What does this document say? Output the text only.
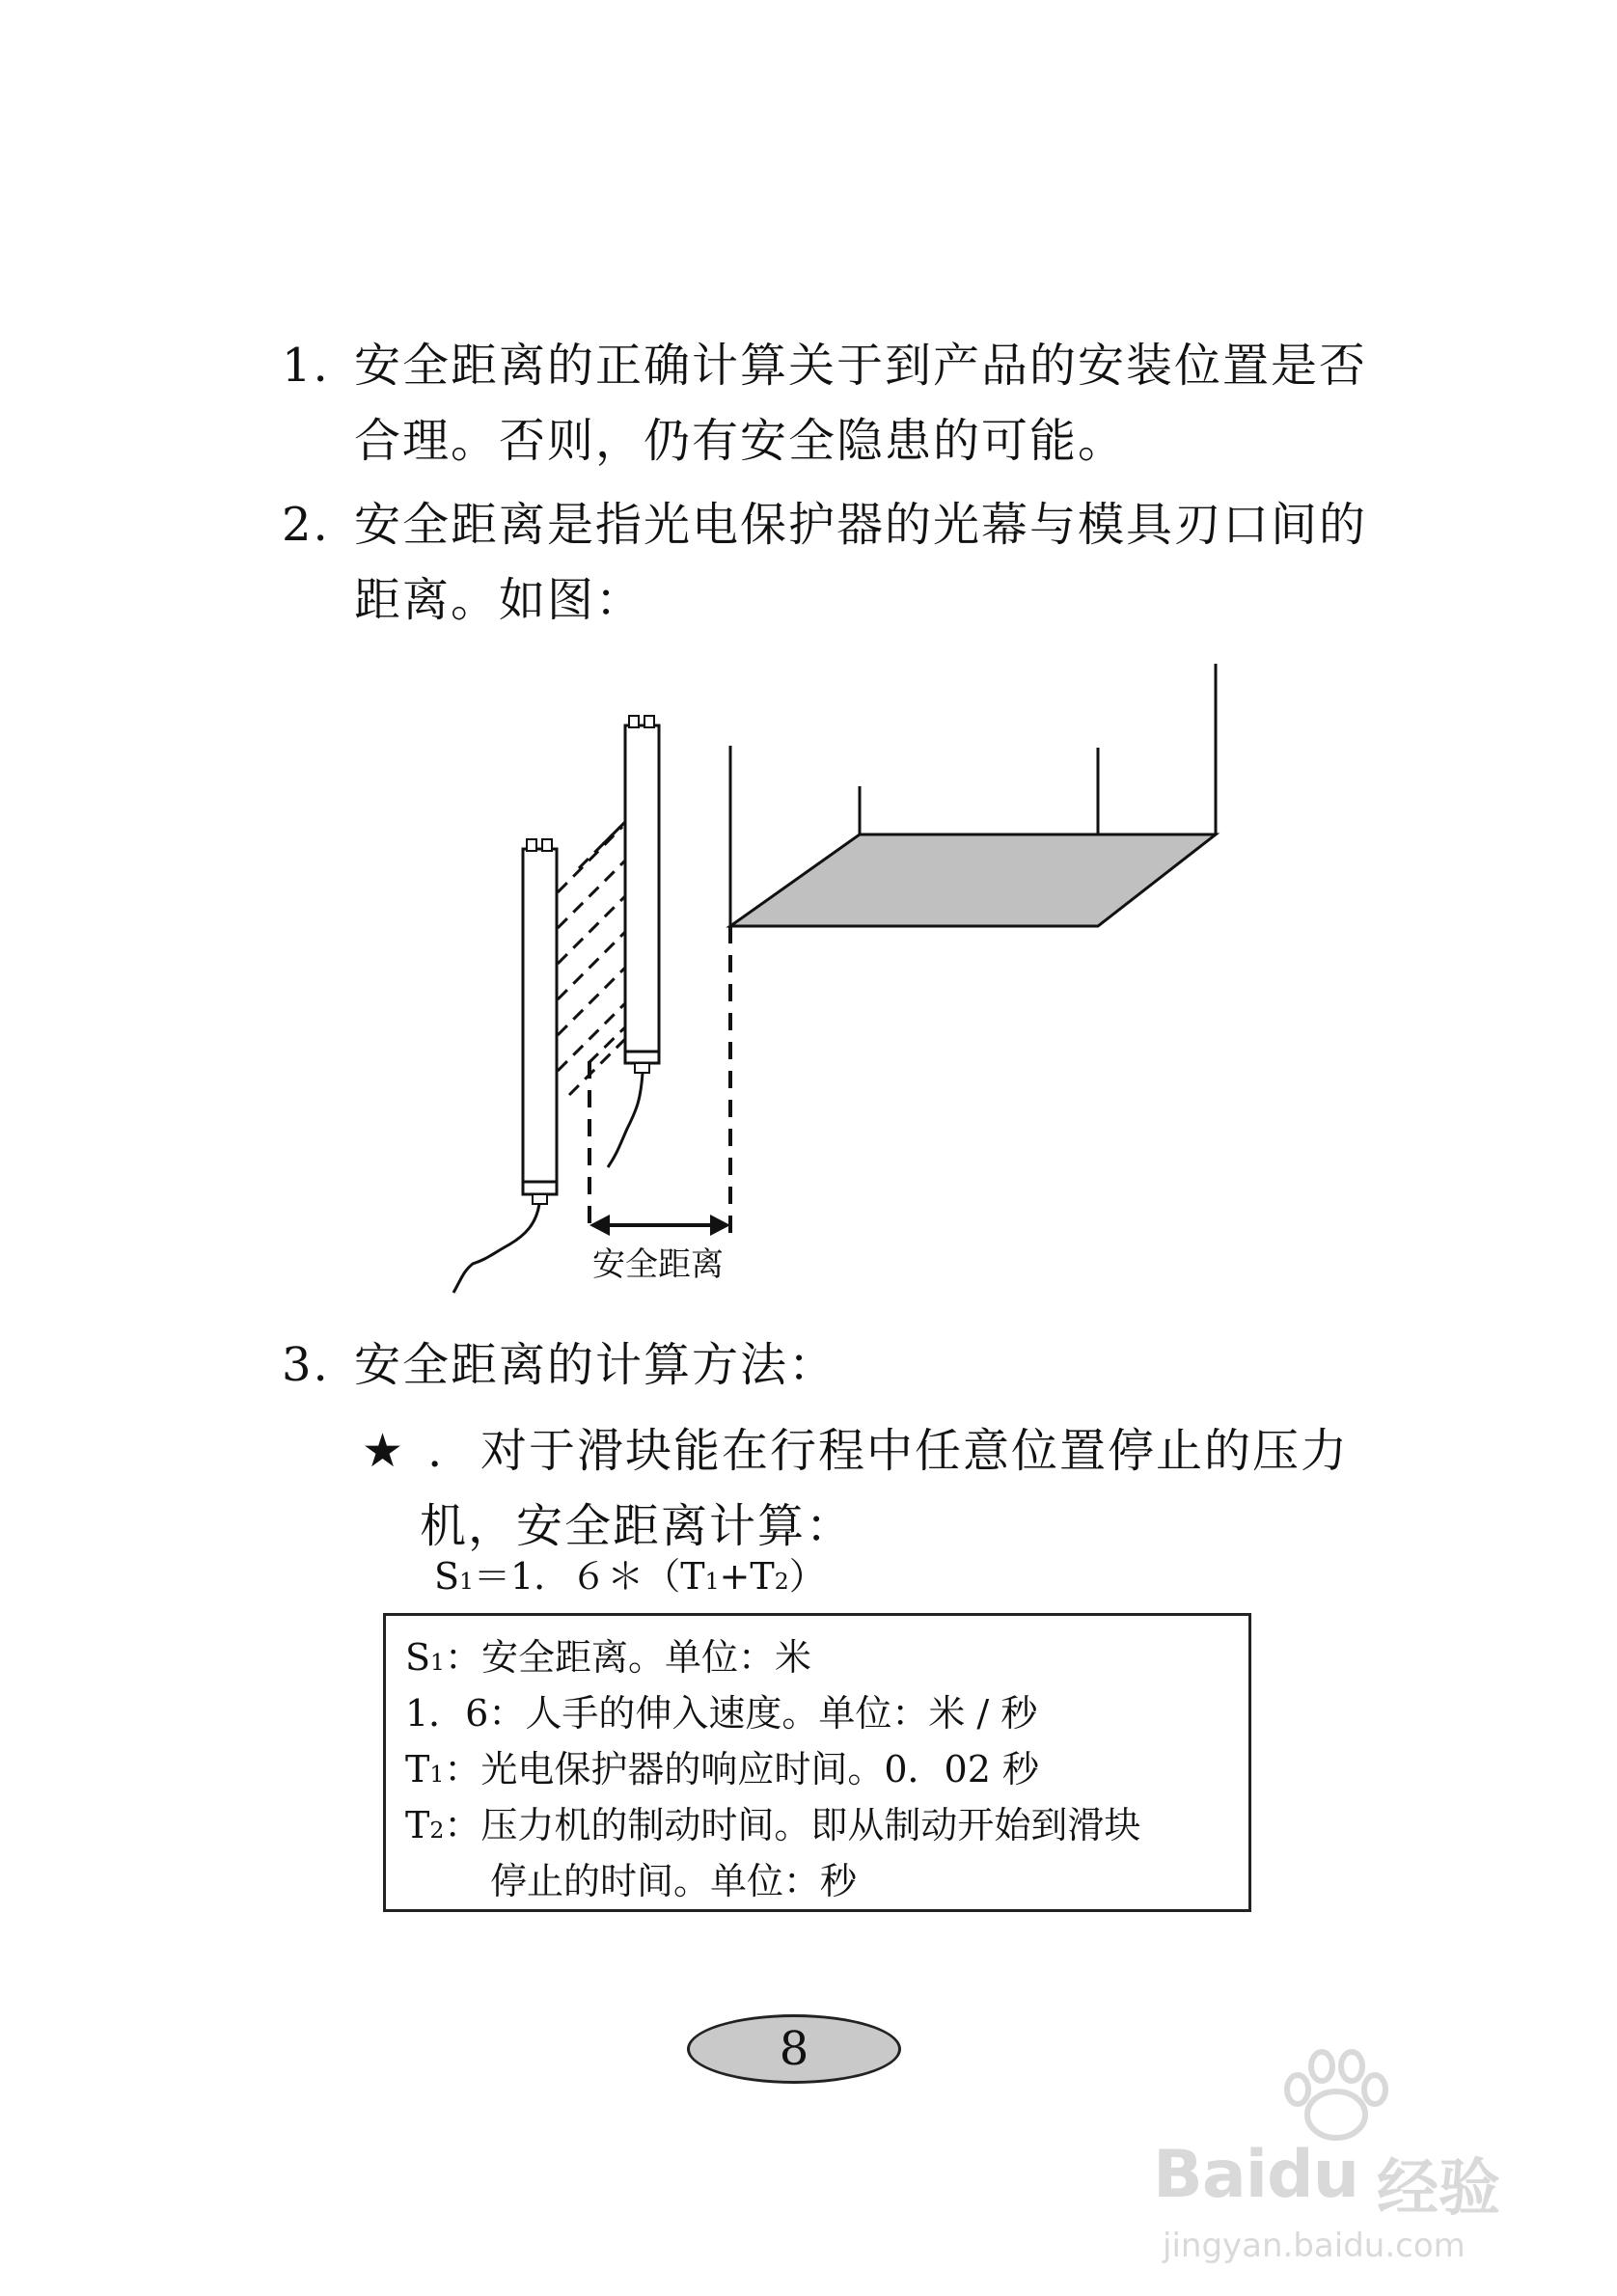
1. 安全距离的正确计算关于到产品的安装位置是否
合理。否则，仍有安全隐患的可能。
2. 安全距离是指光电保护器的光幕与模具刃口间的
距离。如图：
安全距离
3. 安全距离的计算方法：
★ . 对于滑块能在行程中任意位置停止的压力
机，安全距离计算：
S1＝1．６＊（T1+T2）
S1：安全距离。单位：米
1．6：人手的伸入速度。单位：米 / 秒
T1：光电保护器的响应时间。0．02 秒
T2：压力机的制动时间。即从制动开始到滑块
停止的时间。单位：秒
8
Baidu 经验
jingyan.baidu.com
